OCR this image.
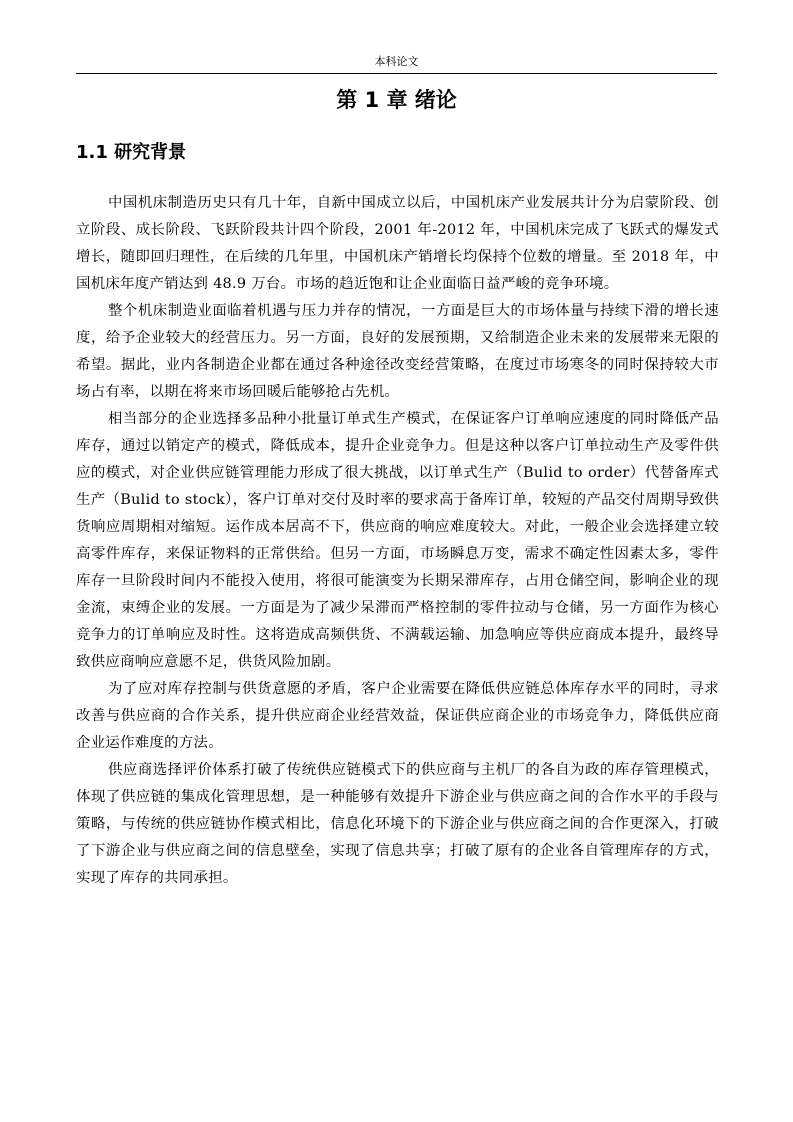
本科论文
第 1 章 绪论
1.1 研究背景

中国机床制造历史只有几十年，自新中国成立以后，中国机床产业发展共计分为启蒙阶段、创立阶段、成长阶段、飞跃阶段共计四个阶段，2001 年-2012 年，中国机床完成了飞跃式的爆发式增长，随即回归理性，在后续的几年里，中国机床产销增长均保持个位数的增量。至 2018 年，中国机床年度产销达到 48.9 万台。市场的趋近饱和让企业面临日益严峻的竞争环境。

整个机床制造业面临着机遇与压力并存的情况，一方面是巨大的市场体量与持续下滑的增长速度，给予企业较大的经营压力。另一方面，良好的发展预期，又给制造企业未来的发展带来无限的希望。据此，业内各制造企业都在通过各种途径改变经营策略，在度过市场寒冬的同时保持较大市场占有率，以期在将来市场回暖后能够抢占先机。

相当部分的企业选择多品种小批量订单式生产模式，在保证客户订单响应速度的同时降低产品库存，通过以销定产的模式，降低成本，提升企业竞争力。但是这种以客户订单拉动生产及零件供应的模式，对企业供应链管理能力形成了很大挑战，以订单式生产（Bulid to order）代替备库式生产（Bulid to stock），客户订单对交付及时率的要求高于备库订单，较短的产品交付周期导致供货响应周期相对缩短。运作成本居高不下，供应商的响应难度较大。对此，一般企业会选择建立较高零件库存，来保证物料的正常供给。但另一方面，市场瞬息万变，需求不确定性因素太多，零件库存一旦阶段时间内不能投入使用，将很可能演变为长期呆滞库存，占用仓储空间，影响企业的现金流，束缚企业的发展。一方面是为了减少呆滞而严格控制的零件拉动与仓储，另一方面作为核心竞争力的订单响应及时性。这将造成高频供货、不满载运输、加急响应等供应商成本提升，最终导致供应商响应意愿不足，供货风险加剧。

为了应对库存控制与供货意愿的矛盾，客户企业需要在降低供应链总体库存水平的同时，寻求改善与供应商的合作关系，提升供应商企业经营效益，保证供应商企业的市场竞争力，降低供应商企业运作难度的方法。

供应商选择评价体系打破了传统供应链模式下的供应商与主机厂的各自为政的库存管理模式，体现了供应链的集成化管理思想，是一种能够有效提升下游企业与供应商之间的合作水平的手段与策略，与传统的供应链协作模式相比，信息化环境下的下游企业与供应商之间的合作更深入，打破了下游企业与供应商之间的信息壁垒，实现了信息共享；打破了原有的企业各自管理库存的方式，实现了库存的共同承担。
